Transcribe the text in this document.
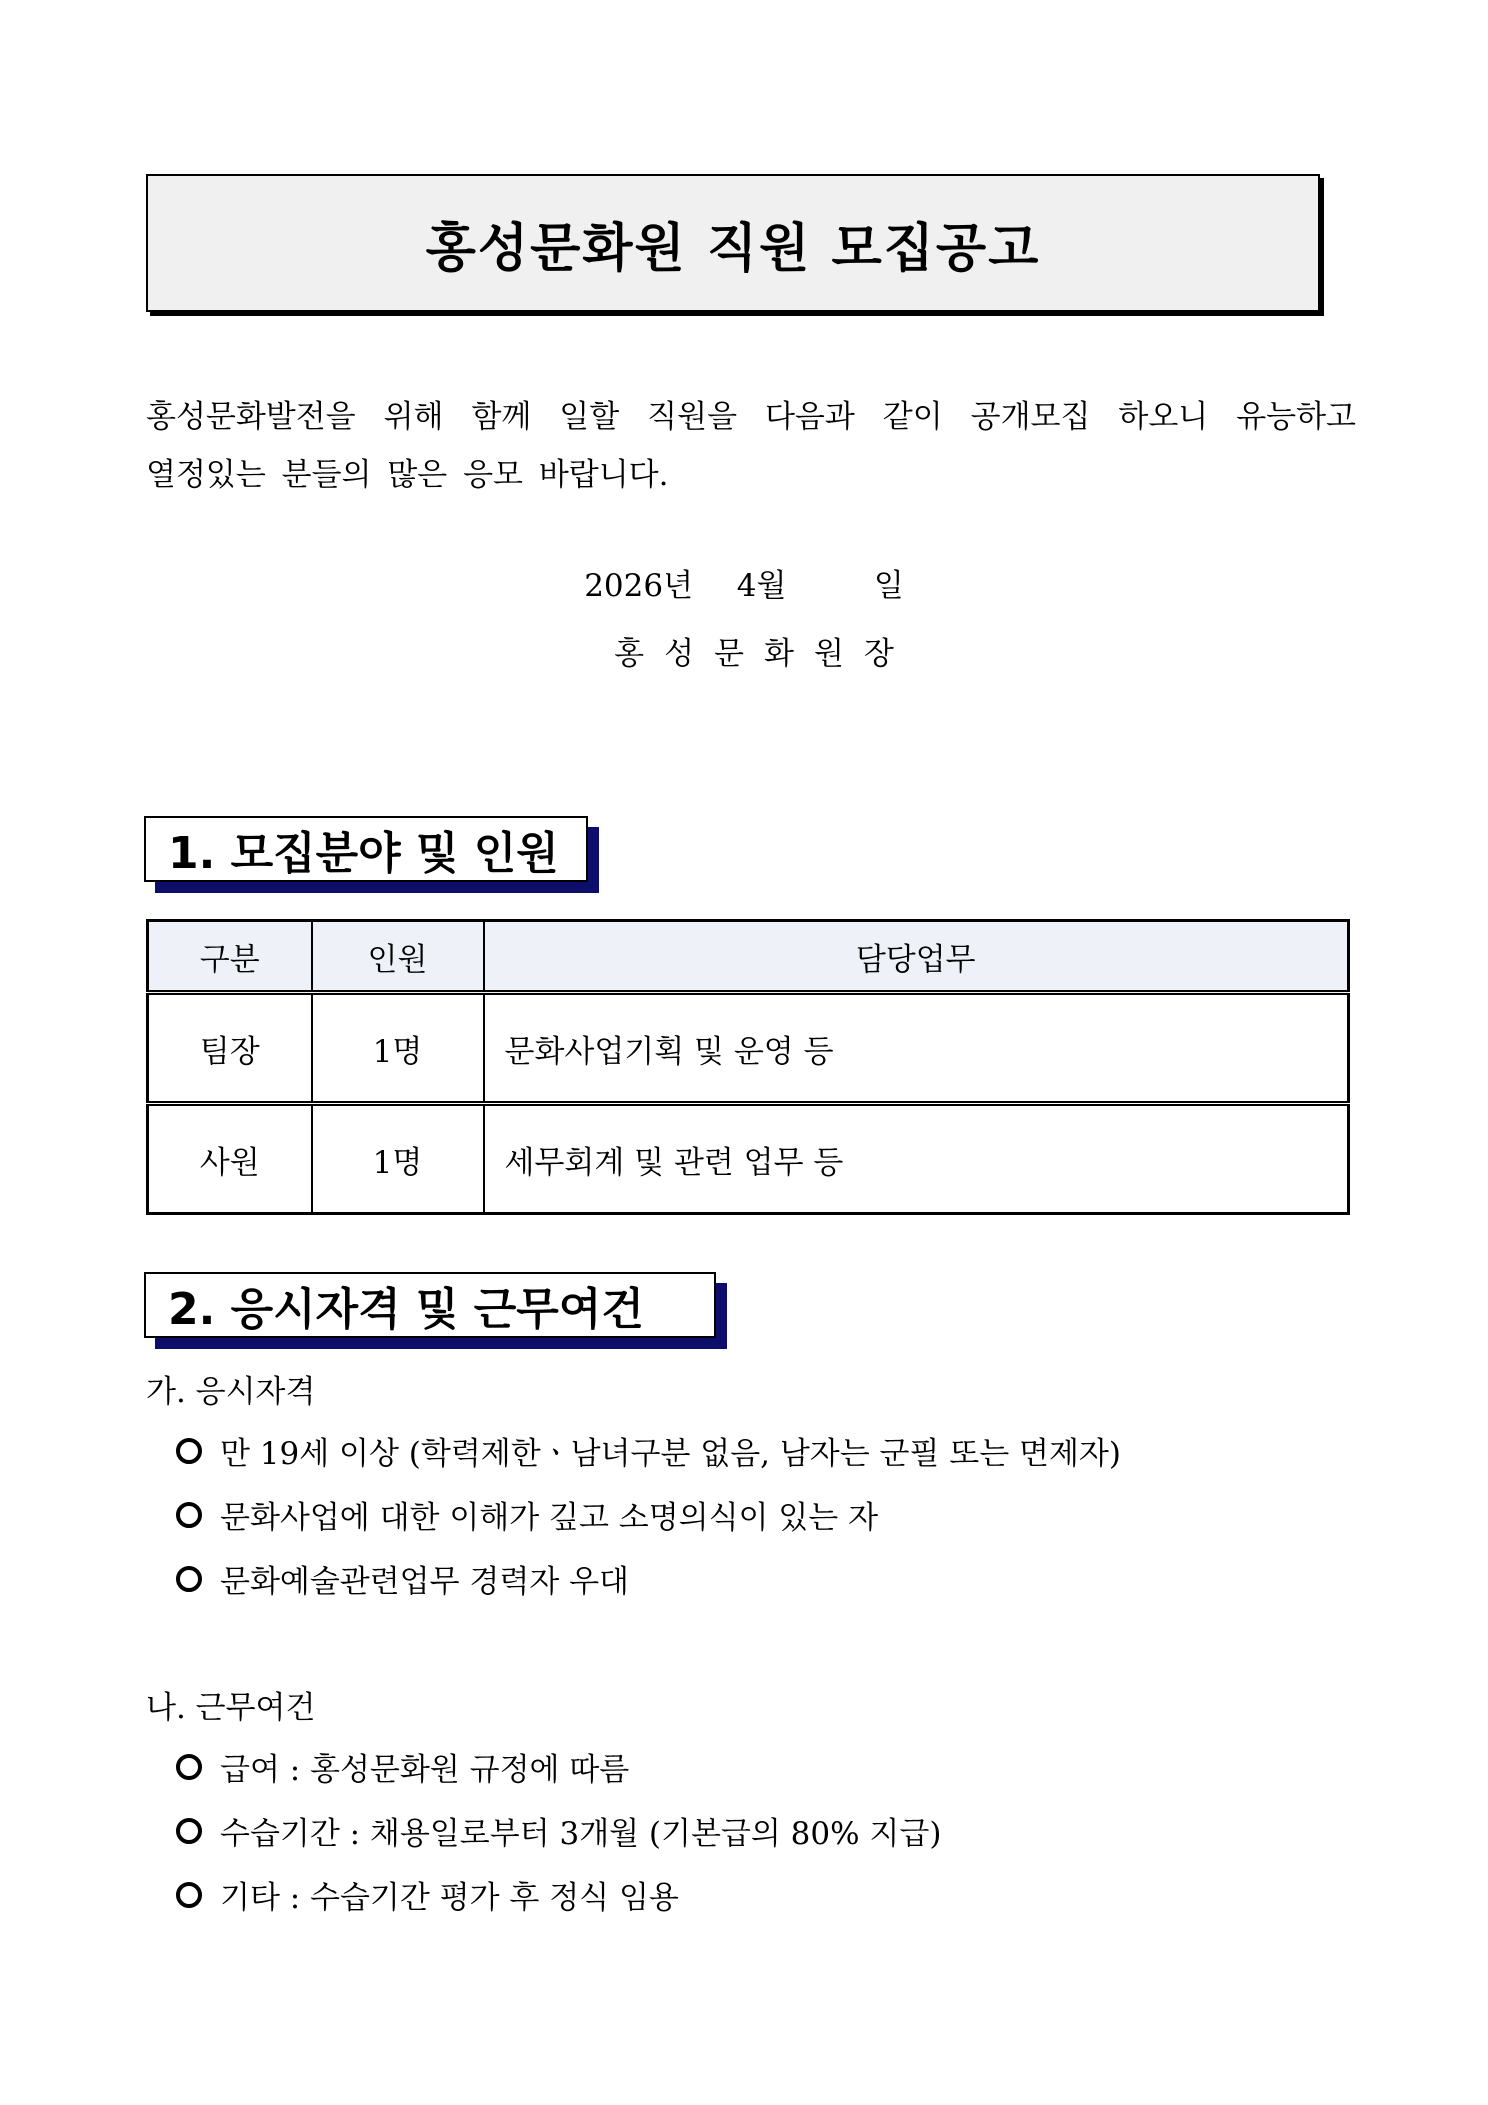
홍성문화원 직원 모집공고
홍성문화발전을 위해 함께 일할 직원을 다음과 같이 공개모집 하오니 유능하고
열정있는 분들의 많은 응모 바랍니다.
2026년  4월    일
홍성문화원장
1. 모집분야 및 인원
구분	인원	담당업무
팀장	1명	문화사업기획 및 운영 등
사원	1명	세무회계 및 관련 업무 등
2. 응시자격 및 근무여건
가. 응시자격
만 19세 이상 (학력제한ㆍ남녀구분 없음, 남자는 군필 또는 면제자)
문화사업에 대한 이해가 깊고 소명의식이 있는 자
문화예술관련업무 경력자 우대
나. 근무여건
급여 : 홍성문화원 규정에 따름
수습기간 : 채용일로부터 3개월 (기본급의 80% 지급)
기타 : 수습기간 평가 후 정식 임용
